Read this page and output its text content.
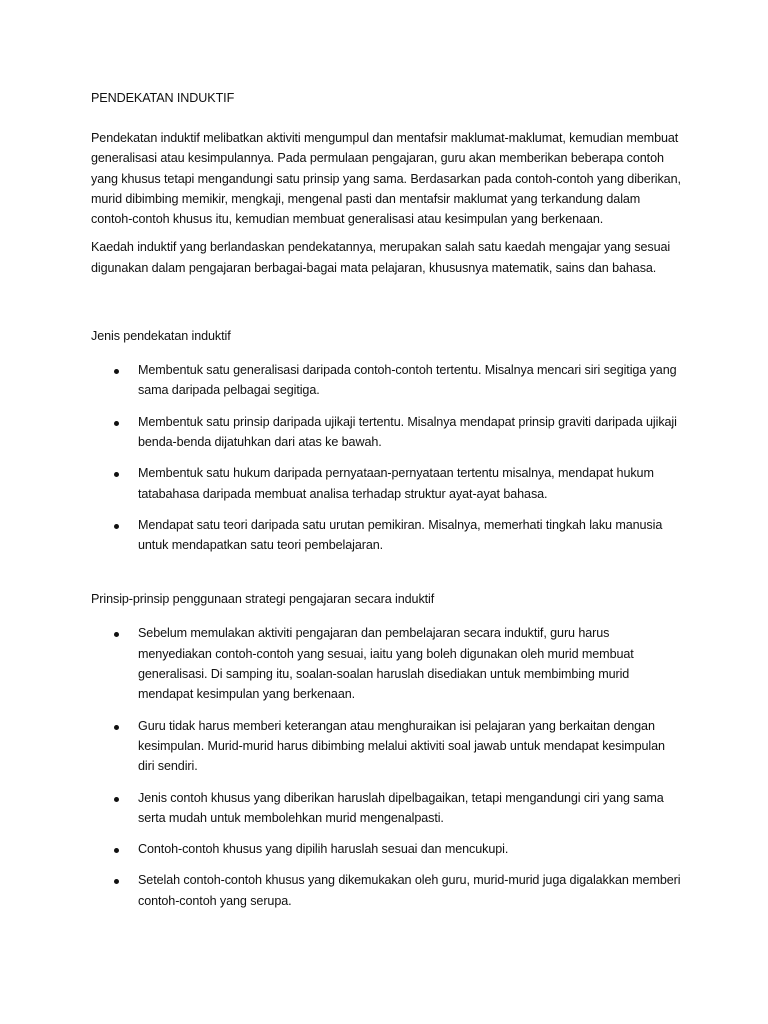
PENDEKATAN INDUKTIF

Pendekatan induktif melibatkan aktiviti mengumpul dan mentafsir maklumat-maklumat, kemudian membuat generalisasi atau kesimpulannya. Pada permulaan pengajaran, guru akan memberikan beberapa contoh yang khusus tetapi mengandungi satu prinsip yang sama. Berdasarkan pada contoh-contoh yang diberikan, murid dibimbing memikir, mengkaji, mengenal pasti dan mentafsir maklumat yang terkandung dalam contoh-contoh khusus itu, kemudian membuat generalisasi atau kesimpulan yang berkenaan.

Kaedah induktif yang berlandaskan pendekatannya, merupakan salah satu kaedah mengajar yang sesuai digunakan dalam pengajaran berbagai-bagai mata pelajaran, khususnya matematik, sains dan bahasa.

Jenis pendekatan induktif
Membentuk satu generalisasi daripada contoh-contoh tertentu. Misalnya mencari siri segitiga yang sama daripada pelbagai segitiga.
Membentuk satu prinsip daripada ujikaji tertentu. Misalnya mendapat prinsip graviti daripada ujikaji benda-benda dijatuhkan dari atas ke bawah.
Membentuk satu hukum daripada pernyataan-pernyataan tertentu misalnya, mendapat hukum tatabahasa daripada membuat analisa terhadap struktur ayat-ayat bahasa.
Mendapat satu teori daripada satu urutan pemikiran. Misalnya, memerhati tingkah laku manusia untuk mendapatkan satu teori pembelajaran.
Prinsip-prinsip penggunaan strategi pengajaran secara induktif
Sebelum memulakan aktiviti pengajaran dan pembelajaran secara induktif, guru harus menyediakan contoh-contoh yang sesuai, iaitu yang boleh digunakan oleh murid membuat generalisasi. Di samping itu, soalan-soalan haruslah disediakan untuk membimbing murid mendapat kesimpulan yang berkenaan.
Guru tidak harus memberi keterangan atau menghuraikan isi pelajaran yang berkaitan dengan kesimpulan. Murid-murid harus dibimbing melalui aktiviti soal jawab untuk mendapat kesimpulan diri sendiri.
Jenis contoh khusus yang diberikan haruslah dipelbagaikan, tetapi mengandungi ciri yang sama serta mudah untuk membolehkan murid mengenalpasti.
Contoh-contoh khusus yang dipilih haruslah sesuai dan mencukupi.
Setelah contoh-contoh khusus yang dikemukakan oleh guru, murid-murid juga digalakkan memberi contoh-contoh yang serupa.
